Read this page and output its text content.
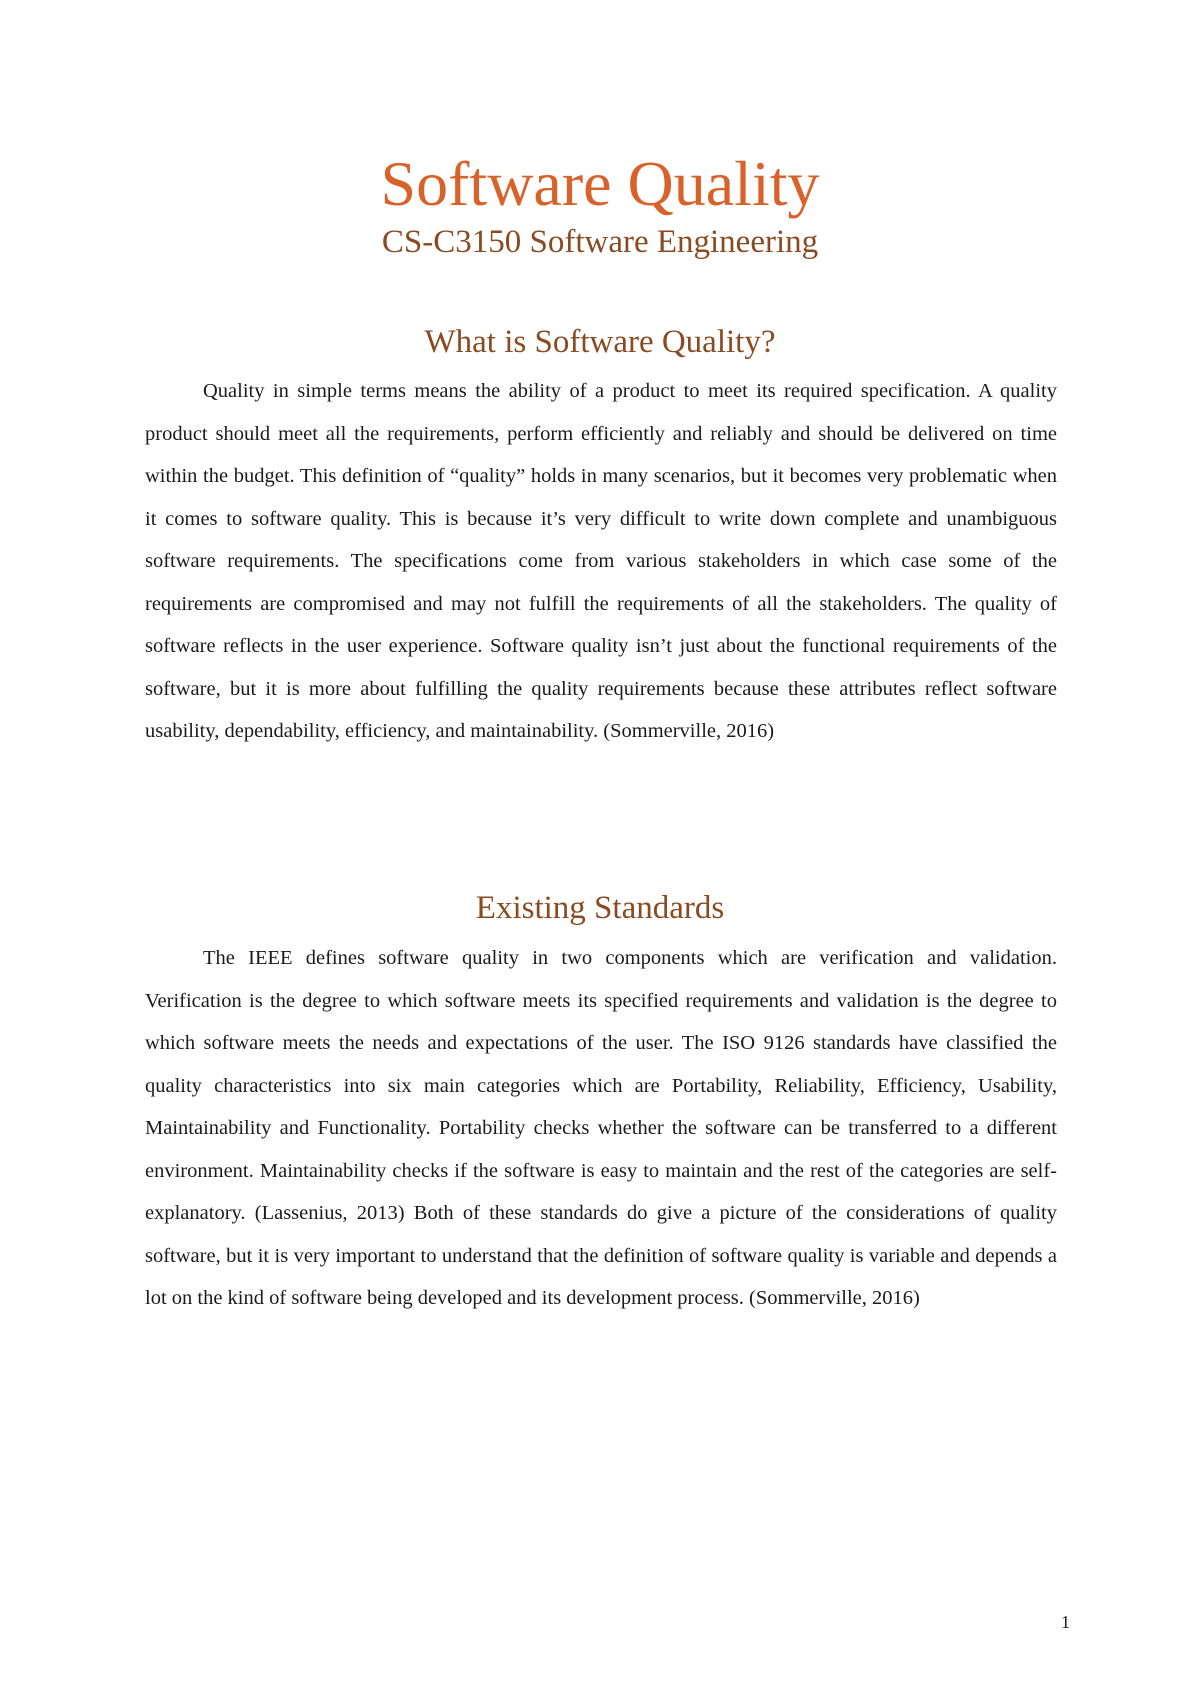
Software Quality
CS-C3150 Software Engineering
What is Software Quality?

Quality in simple terms means the ability of a product to meet its required specification. A quality product should meet all the requirements, perform efficiently and reliably and should be delivered on time within the budget. This definition of “quality” holds in many scenarios, but it becomes very problematic when it comes to software quality. This is because it’s very difficult to write down complete and unambiguous software requirements. The specifications come from various stakeholders in which case some of the requirements are compromised and may not fulfill the requirements of all the stakeholders. The quality of software reflects in the user experience. Software quality isn’t just about the functional requirements of the software, but it is more about fulfilling the quality requirements because these attributes reflect software usability, dependability, efficiency, and maintainability. (Sommerville, 2016)

Existing Standards

The IEEE defines software quality in two components which are verification and validation. Verification is the degree to which software meets its specified requirements and validation is the degree to which software meets the needs and expectations of the user. The ISO 9126 standards have classified the quality characteristics into six main categories which are Portability, Reliability, Efficiency, Usability, Maintainability and Functionality. Portability checks whether the software can be transferred to a different environment. Maintainability checks if the software is easy to maintain and the rest of the categories are self-explanatory. (Lassenius, 2013) Both of these standards do give a picture of the considerations of quality software, but it is very important to understand that the definition of software quality is variable and depends a lot on the kind of software being developed and its development process. (Sommerville, 2016)

1
